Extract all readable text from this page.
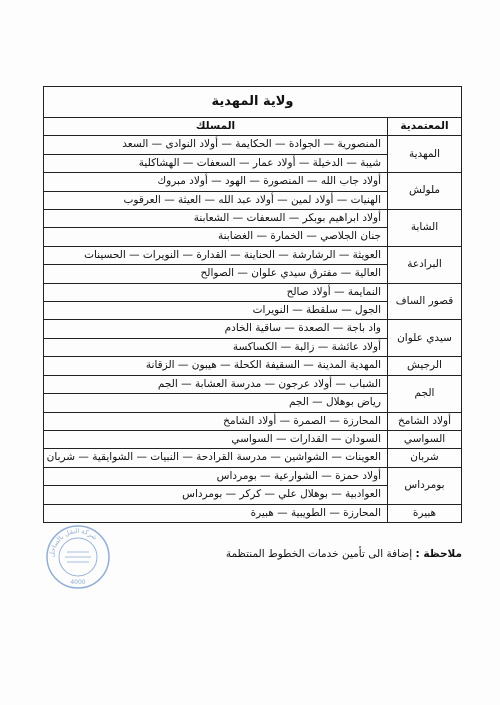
ولاية المهدية	
المعتمدية	المسلك
المهدية	المنصورية — الجوادة — الحكايمة — أولاد النوادى — السعد
	شيبة — الدخيلة — أولاد عمار — السعفات — الهشاكلية
ملولش	أولاد جاب الله — المنصورة — الهود — أولاد مبروك
	الهنيات — أولاد لمين — أولاد عبد الله — العيثة — العرقوب
الشابة	أولاد ابراهيم بوبكر — السعفات — الشعابنة
	جنان الجلاصي — الخمارة — الغضابنة
البرادعة	العويثة — الرشارشة — الحناينة — القدارة — النويرات — الحسينات
	العالية — مفترق سيدي علوان — الصوالح
قصور الساف	النمايمة — أولاد صالح
	الجول — سلقطة — النويرات
سيدي علوان	واد باجة — الصعدة — ساقية الخادم
	أولاد عائشة — زالبة — الكساكسة
الرجيش	المهدية المدينة — السقيفة الكحلة — هيبون — الزقانة
الجم	الشباب — أولاد عرجون — مدرسة العشابة — الجم
	رياض بوهلال — الجم
أولاد الشامخ	المحارزة — الصمرة — أولاد الشامخ
السواسي	السودان — القدارات — السواسي
شربان	العوينات — الشواشين — مدرسة القرادحة — النبيات — الشوايقية — شربان
بومرداس	أولاد حمزة — الشوارعية — بومرداس
	العوادبية — بوهلال علي — كركر — بومرداس
هبيرة	المحارزة — الطويبية — هبيرة
ملاحظة : إضافة الى تأمين خدمات الخطوط المنتظمة
شركة النقل بالساحل
4000
